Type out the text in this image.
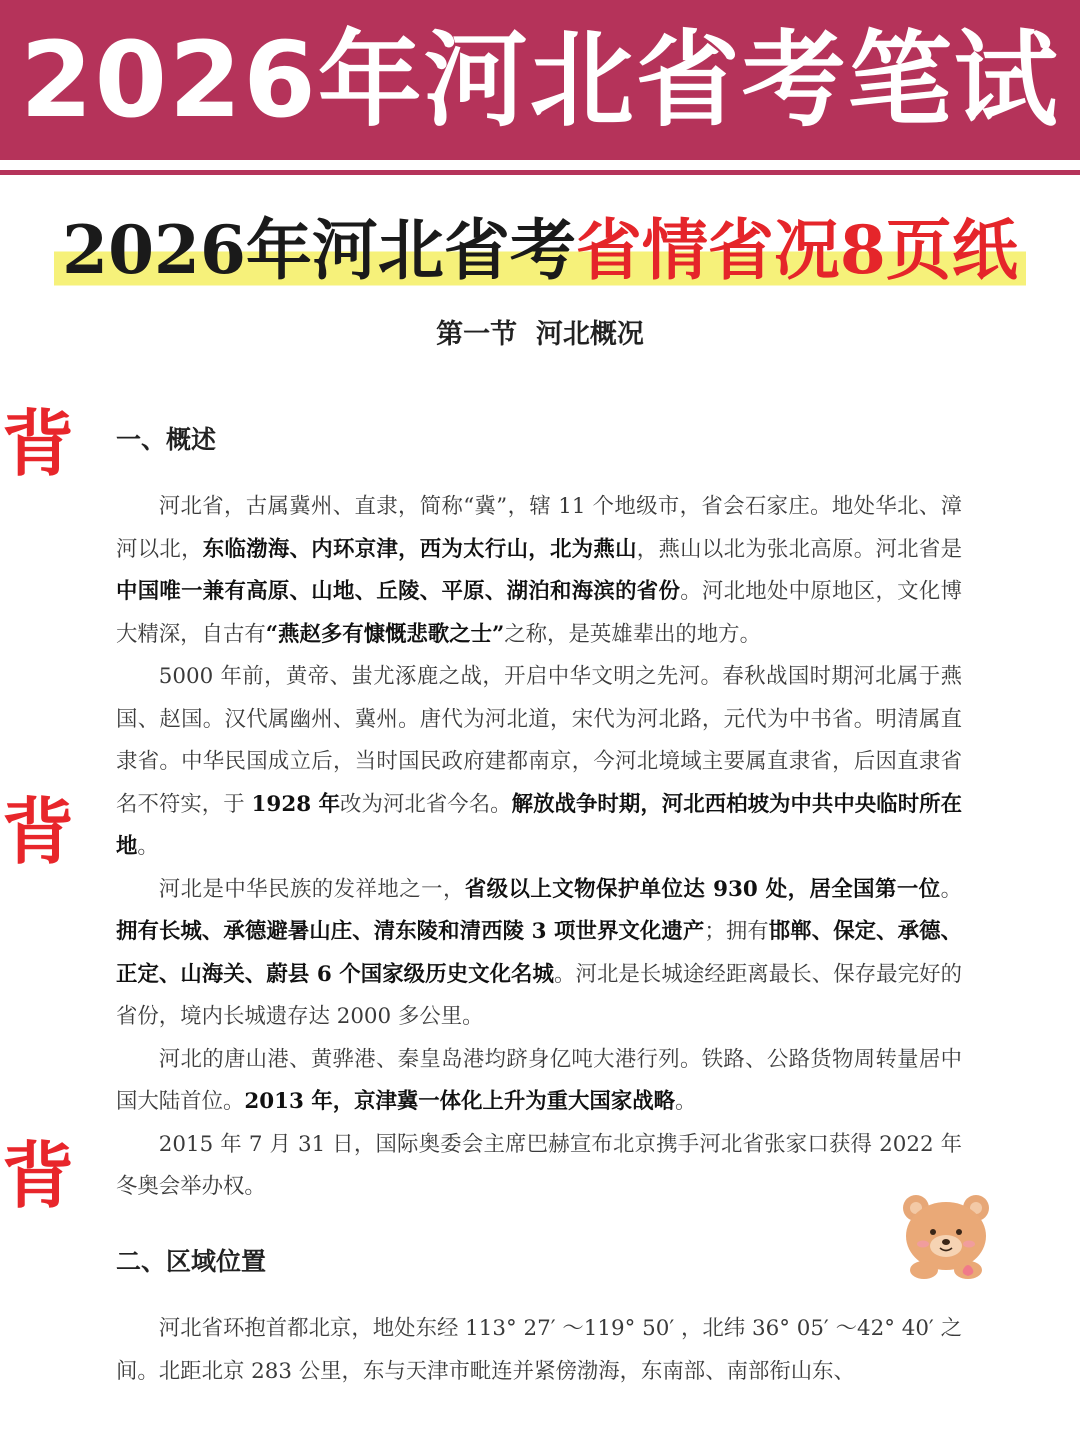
2026年河北省考笔试
2026年河北省考省情省况8页纸
第一节  河北概况
背
背
背
一、概述

河北省，古属冀州、直隶，简称“冀”，辖 11 个地级市，省会石家庄。地处华北、漳河以北，东临渤海、内环京津，西为太行山，北为燕山，燕山以北为张北高原。河北省是中国唯一兼有高原、山地、丘陵、平原、湖泊和海滨的省份。河北地处中原地区，文化博大精深，自古有“燕赵多有慷慨悲歌之士”之称，是英雄辈出的地方。

5000 年前，黄帝、蚩尤涿鹿之战，开启中华文明之先河。春秋战国时期河北属于燕国、赵国。汉代属幽州、冀州。唐代为河北道，宋代为河北路，元代为中书省。明清属直隶省。中华民国成立后，当时国民政府建都南京，今河北境域主要属直隶省，后因直隶省名不符实，于 1928 年改为河北省今名。解放战争时期，河北西柏坡为中共中央临时所在地。

河北是中华民族的发祥地之一，省级以上文物保护单位达 930 处，居全国第一位。拥有长城、承德避暑山庄、清东陵和清西陵 3 项世界文化遗产；拥有邯郸、保定、承德、正定、山海关、蔚县 6 个国家级历史文化名城。河北是长城途经距离最长、保存最完好的省份，境内长城遗存达 2000 多公里。

河北的唐山港、黄骅港、秦皇岛港均跻身亿吨大港行列。铁路、公路货物周转量居中国大陆首位。2013 年，京津冀一体化上升为重大国家战略。

2015 年 7 月 31 日，国际奥委会主席巴赫宣布北京携手河北省张家口获得 2022 年冬奥会举办权。

二、区域位置

河北省环抱首都北京，地处东经 113° 27′ ～119° 50′ ，北纬 36° 05′ ～42° 40′ 之间。北距北京 283 公里，东与天津市毗连并紧傍渤海，东南部、南部衔山东、
